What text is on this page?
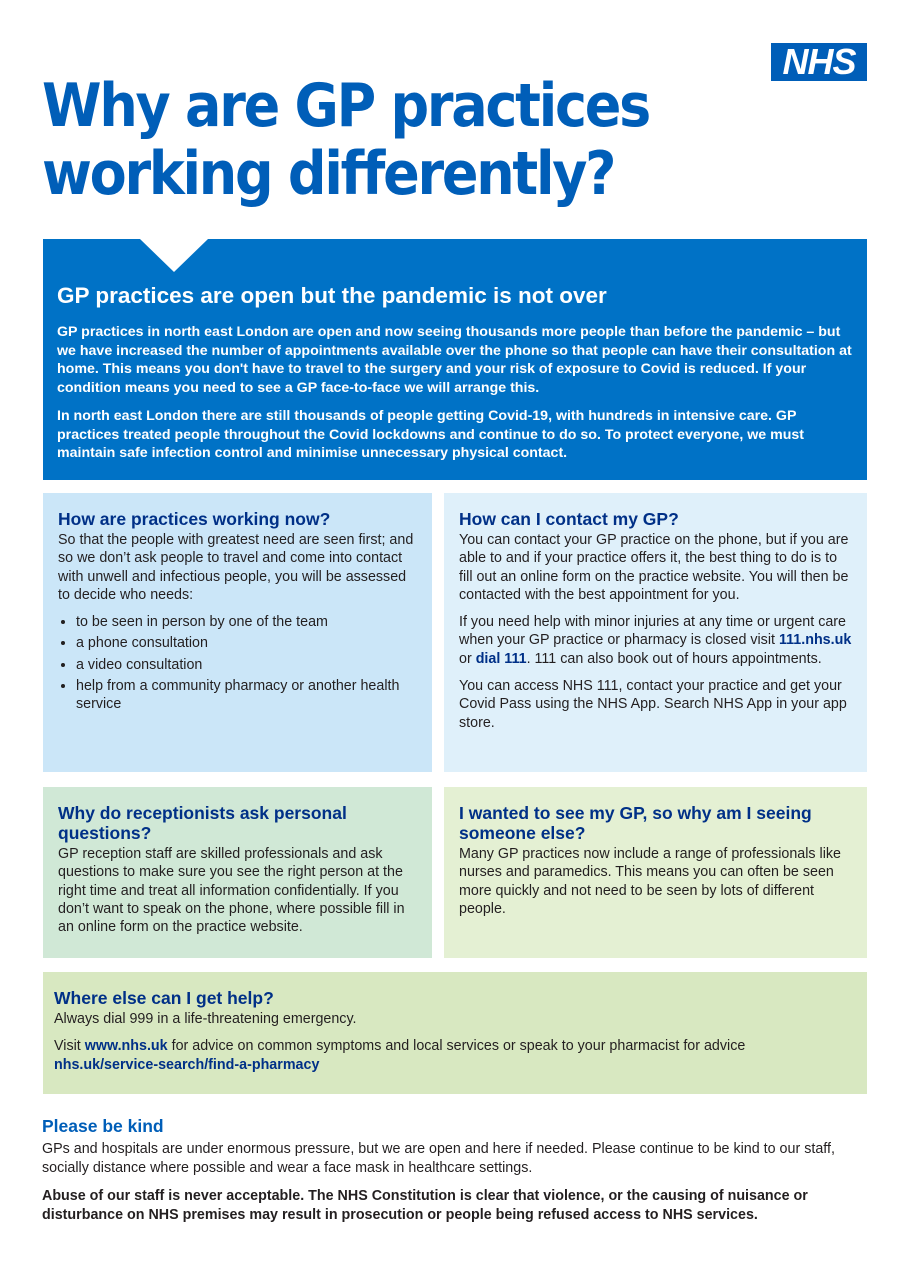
NHS
Why are GP practices
working differently?
GP practices are open but the pandemic is not over

GP practices in north east London are open and now seeing thousands more people than before the pandemic – but we have increased the number of appointments available over the phone so that people can have their consultation at home. This means you don't have to travel to the surgery and your risk of exposure to Covid is reduced. If your condition means you need to see a GP face-to-face we will arrange this.

In north east London there are still thousands of people getting Covid-19, with hundreds in intensive care. GP practices treated people throughout the Covid lockdowns and continue to do so. To protect everyone, we must maintain safe infection control and minimise unnecessary physical contact.

How are practices working now?

So that the people with greatest need are seen first; and so we don’t ask people to travel and come into contact with unwell and infectious people, you will be assessed to decide who needs:

• to be seen in person by one of the team
• a phone consultation
• a video consultation
• help from a community pharmacy or another health service
How can I contact my GP?

You can contact your GP practice on the phone, but if you are able to and if your practice offers it, the best thing to do is to fill out an online form on the practice website. You will then be contacted with the best appointment for you.

If you need help with minor injuries at any time or urgent care when your GP practice or pharmacy is closed visit 111.nhs.uk or dial 111. 111 can also book out of hours appointments.

You can access NHS 111, contact your practice and get your Covid Pass using the NHS App. Search NHS App in your app store.

Why do receptionists ask personal questions?

GP reception staff are skilled professionals and ask questions to make sure you see the right person at the right time and treat all information confidentially. If you don’t want to speak on the phone, where possible fill in an online form on the practice website.

I wanted to see my GP, so why am I seeing someone else?

Many GP practices now include a range of professionals like nurses and paramedics. This means you can often be seen more quickly and not need to be seen by lots of different people.

Where else can I get help?

Always dial 999 in a life-threatening emergency.

Visit www.nhs.uk for advice on common symptoms and local services or speak to your pharmacist for advice
nhs.uk/service-search/find-a-pharmacy

Please be kind

GPs and hospitals are under enormous pressure, but we are open and here if needed. Please continue to be kind to our staff, socially distance where possible and wear a face mask in healthcare settings.

Abuse of our staff is never acceptable. The NHS Constitution is clear that violence, or the causing of nuisance or disturbance on NHS premises may result in prosecution or people being refused access to NHS services.
